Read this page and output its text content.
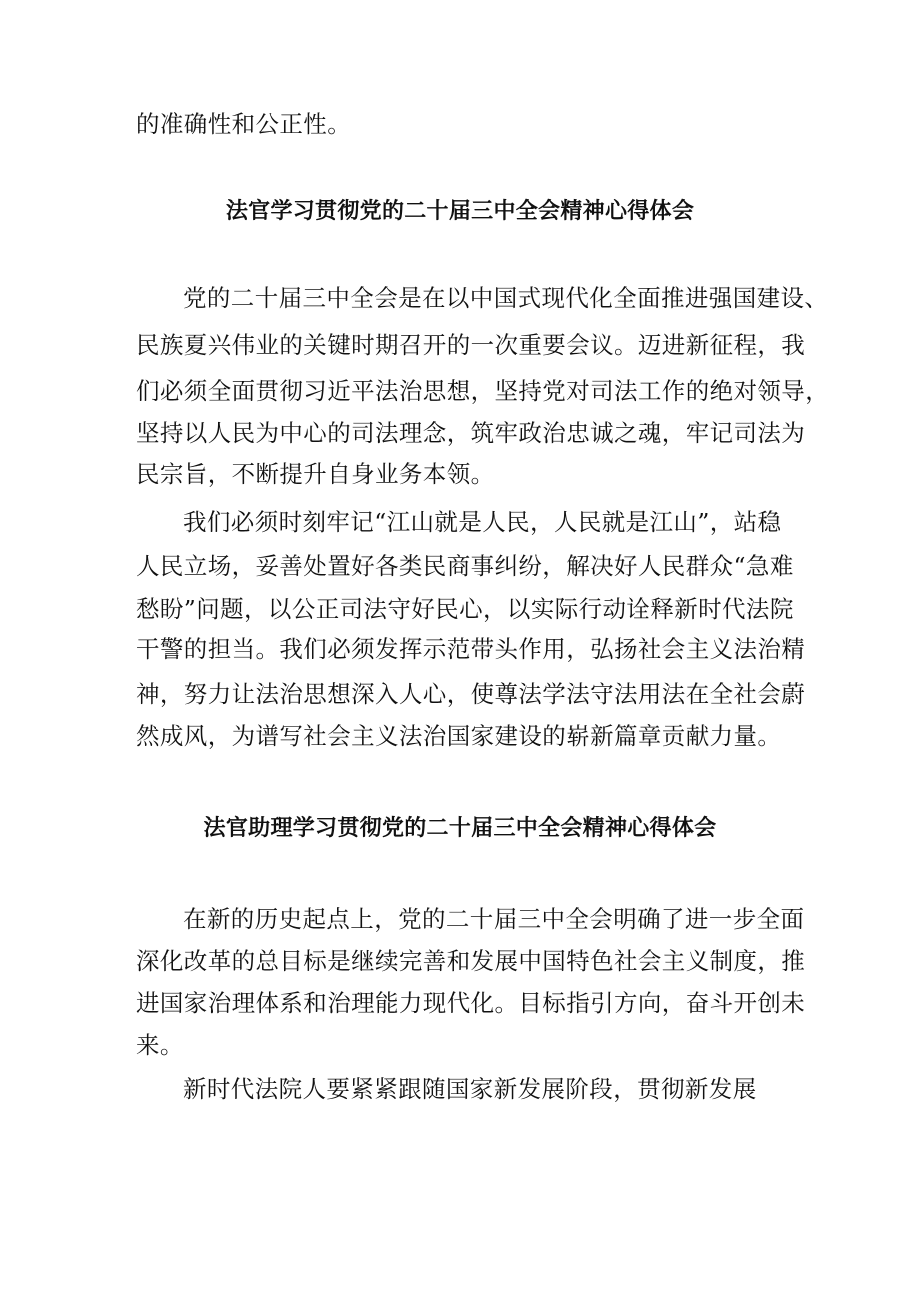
的准确性和公正性。
法官学习贯彻党的二十届三中全会精神心得体会
党的二十届三中全会是在以中国式现代化全面推进强国建设、
民族夏兴伟业的关键时期召开的一次重要会议。迈进新征程，我
们必须全面贯彻习近平法治思想，坚持党对司法工作的绝对领导，
坚持以人民为中心的司法理念，筑牢政治忠诚之魂，牢记司法为
民宗旨，不断提升自身业务本领。
我们必须时刻牢记“江山就是人民，人民就是江山”，站稳
人民立场，妥善处置好各类民商事纠纷，解决好人民群众“急难
愁盼”问题，以公正司法守好民心，以实际行动诠释新时代法院
干警的担当。我们必须发挥示范带头作用，弘扬社会主义法治精
神，努力让法治思想深入人心，使尊法学法守法用法在全社会蔚
然成风，为谱写社会主义法治国家建设的崭新篇章贡献力量。
法官助理学习贯彻党的二十届三中全会精神心得体会
在新的历史起点上，党的二十届三中全会明确了进一步全面
深化改革的总目标是继续完善和发展中国特色社会主义制度，推
进国家治理体系和治理能力现代化。目标指引方向，奋斗开创未
来。
新时代法院人要紧紧跟随国家新发展阶段，贯彻新发展
